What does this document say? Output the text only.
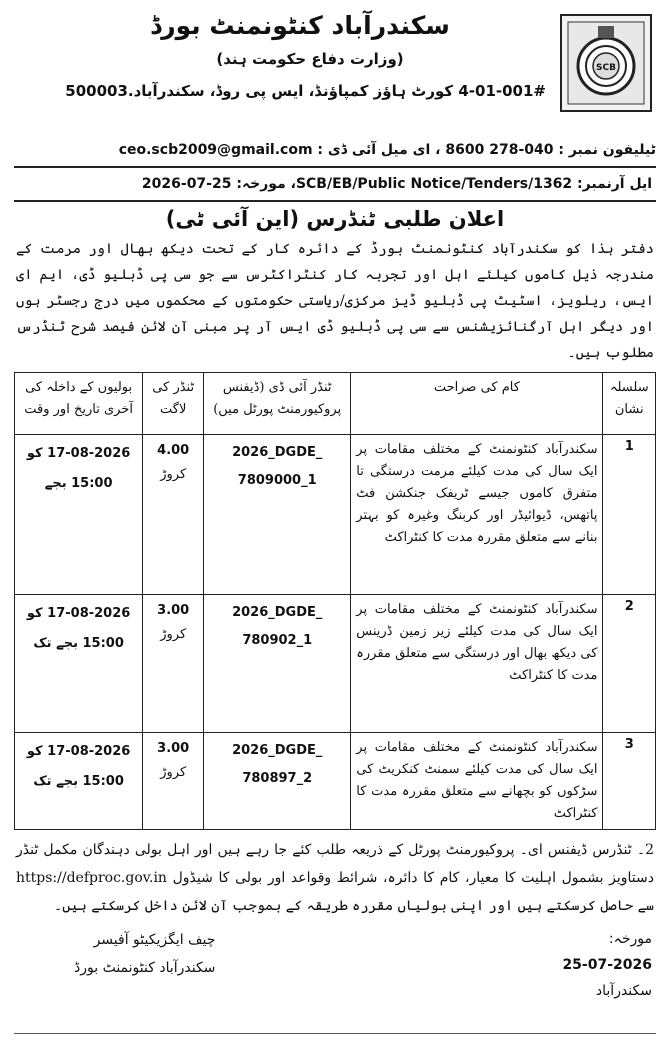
SCB
سکندرآباد کنٹونمنٹ بورڈ
(وزارت دفاع حکومت ہند)
4-01-001# کورٹ ہاؤز کمپاؤنڈ، ایس پی روڈ، سکندرآباد.500003
ٹیلیفون نمبر : 040-278 8600 ، ای میل آئی ڈی : ceo.scb2009@gmail.com
ایل آرنمبر: SCB/EB/Public Notice/Tenders/1362، مورخہ: 25-07-2026
اعلان طلبی ٹنڈرس (این آئی ٹی)
دفتر ہذا کو سکندرآباد کنٹونمنٹ بورڈ کے دائرہ کار کے تحت دیکھ بھال اور مرمت کے مندرجہ ذیل کاموں کیلئے اہل اور تجربہ کار کنٹراکٹرس سے جو سی پی ڈبلیو ڈی، ایم ای ایس، ریلویز، اسٹیٹ پی ڈبلیو ڈیز مرکزی/ریاستی حکومتوں کے محکموں میں درج رجسٹر ہوں اور دیگر اہل آرگنائزیشنس سے سی پی ڈبلیو ڈی ایس آر پر مبنی آن لائن فیصد شرح ٹنڈرس مطلوب ہیں۔
سلسلہ نشان	کام کی صراحت	ٹنڈر آئی ڈی (ڈیفنس پروکیورمنٹ پورٹل میں)	ٹنڈر کی لاگت	بولیوں کے داخلہ کی آخری تاریخ اور وقت
1	سکندرآباد کنٹونمنٹ کے مختلف مقامات پر ایک سال کی مدت کیلئے مرمت درستگی تا متفرق کاموں جیسے ٹریفک جنکشن فٹ پاتھس، ڈیوائیڈر اور کربنگ وغیرہ کو بہتر بنانے سے متعلق مقررہ مدت کا کنٹراکٹ	2026_DGDE_
7809000_1	4.00
کروڑ	17-08-2026 کو
15:00 بجے
2	سکندرآباد کنٹونمنٹ کے مختلف مقامات پر ایک سال کی مدت کیلئے زیر زمین ڈرینس کی دیکھ بھال اور درستگی سے متعلق مقررہ مدت کا کنٹراکٹ	2026_DGDE_
780902_1	3.00
کروڑ	17-08-2026 کو
15:00 بجے تک
3	سکندرآباد کنٹونمنٹ کے مختلف مقامات پر ایک سال کی مدت کیلئے سمنٹ کنکریٹ کی سڑکوں کو بچھانے سے متعلق مقررہ مدت کا کنٹراکٹ	2026_DGDE_
780897_2	3.00
کروڑ	17-08-2026 کو
15:00 بجے تک
2۔ ٹنڈرس ڈیفنس ای۔ پروکیورمنٹ پورٹل کے ذریعہ طلب کئے جا رہے ہیں اور اہل بولی دہندگان مکمل ٹنڈر دستاویز بشمول اہلیت کا معیار، کام کا دائرہ، شرائط وقواعد اور بولی کا شیڈول https://defproc.gov.in سے حاصل کرسکتے ہیں اور اپنی بولیاں مقررہ طریقہ کے بموجب آن لائن داخل کرسکتے ہیں۔
مورخہ:
25-07-2026
سکندرآباد
چیف ایگزیکیٹو آفیسر
سکندرآباد کنٹونمنٹ بورڈ
